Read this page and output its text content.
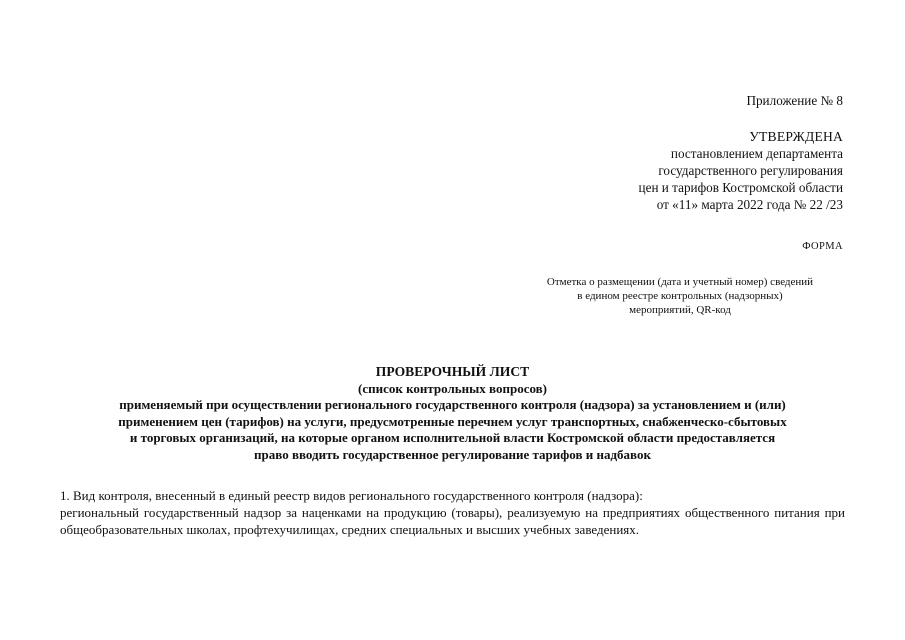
Приложение № 8
УТВЕРЖДЕНА
постановлением департамента
государственного регулирования
цен и тарифов Костромской области
от «11» марта 2022 года № 22 /23
ФОРМА
Отметка о размещении (дата и учетный номер) сведений
в едином реестре контрольных (надзорных)
мероприятий, QR-код
ПРОВЕРОЧНЫЙ ЛИСТ
(список контрольных вопросов)
применяемый при осуществлении регионального государственного контроля (надзора) за установлением и (или)
применением цен (тарифов) на услуги, предусмотренные перечнем услуг транспортных, снабженческо-сбытовых
и торговых организаций, на которые органом исполнительной власти Костромской области предоставляется
право вводить государственное регулирование тарифов и надбавок
1. Вид контроля, внесенный в единый реестр видов регионального государственного контроля (надзора):
региональный государственный надзор за наценками на продукцию (товары), реализуемую на предприятиях общественного питания при общеобразовательных школах, профтехучилищах, средних специальных и высших учебных заведениях.
